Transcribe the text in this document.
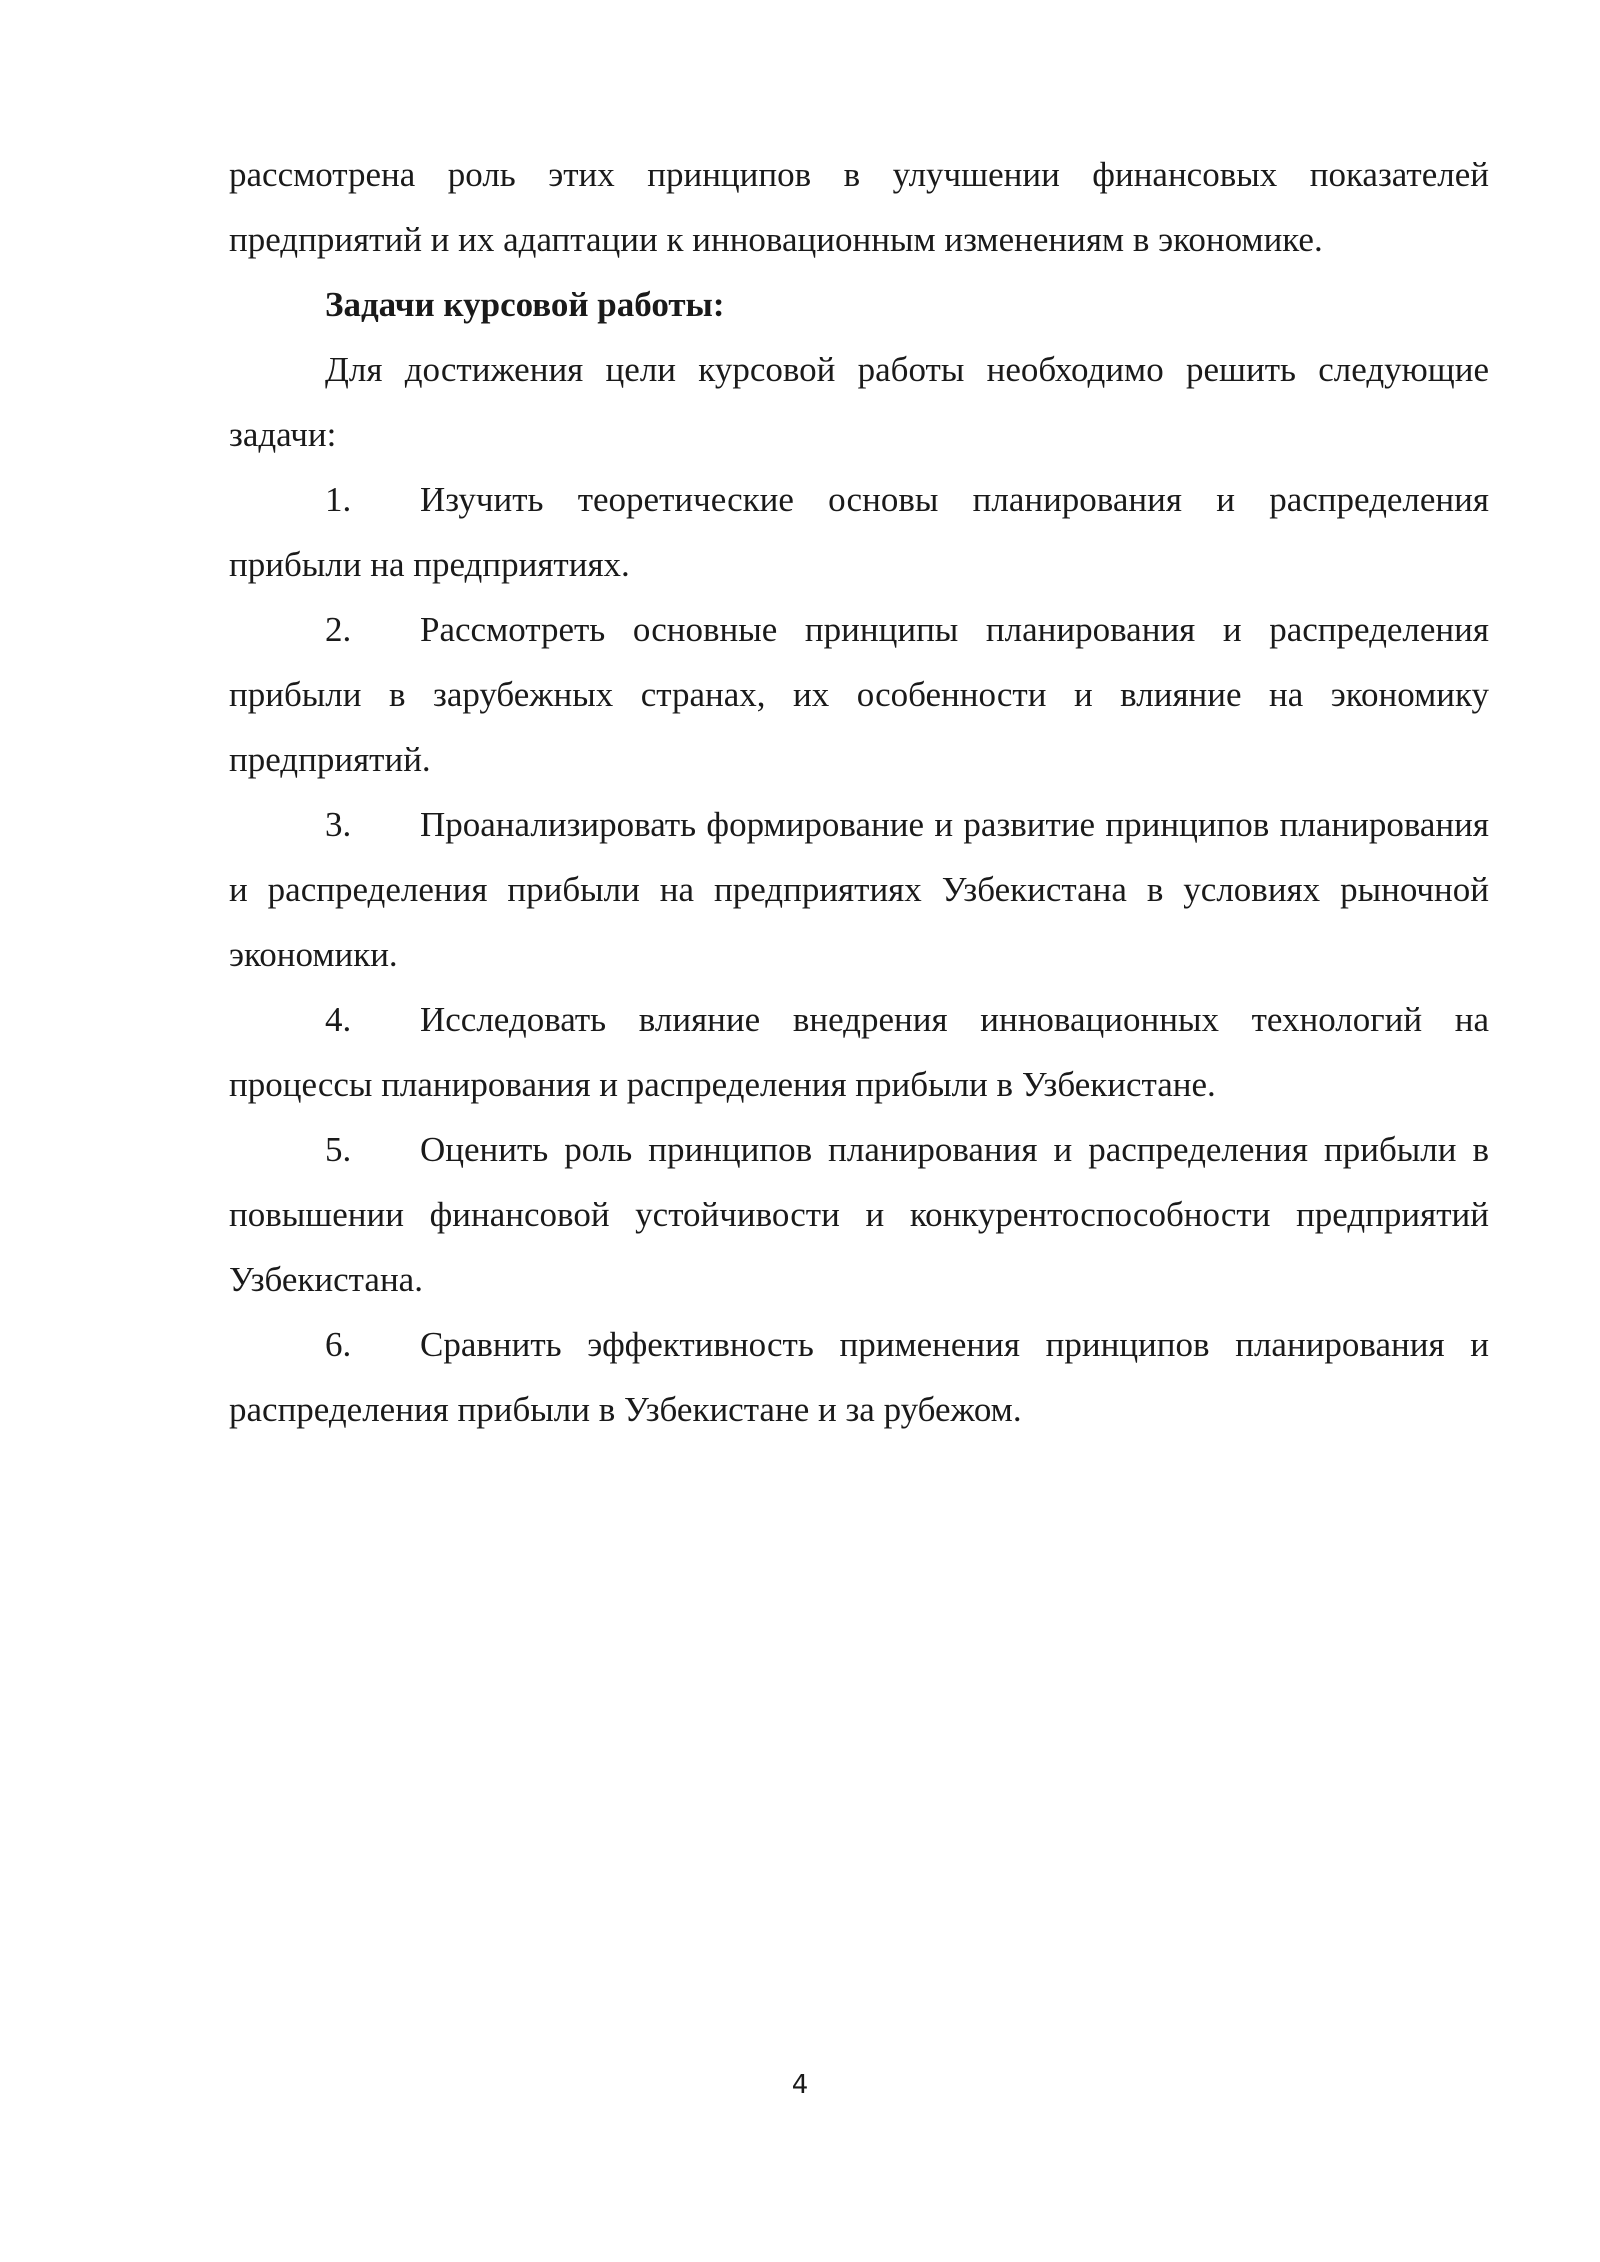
рассмотрена роль этих принципов в улучшении финансовых показателей предприятий и их адаптации к инновационным изменениям в экономике.

Задачи курсовой работы:

Для достижения цели курсовой работы необходимо решить следующие задачи:

1. Изучить теоретические основы планирования и распределения прибыли на предприятиях.

2. Рассмотреть основные принципы планирования и распределения прибыли в зарубежных странах, их особенности и влияние на экономику предприятий.

3. Проанализировать формирование и развитие принципов планирования и распределения прибыли на предприятиях Узбекистана в условиях рыночной экономики.

4. Исследовать влияние внедрения инновационных технологий на процессы планирования и распределения прибыли в Узбекистане.

5. Оценить роль принципов планирования и распределения прибыли в повышении финансовой устойчивости и конкурентоспособности предприятий Узбекистана.

6. Сравнить эффективность применения принципов планирования и распределения прибыли в Узбекистане и за рубежом.

4
